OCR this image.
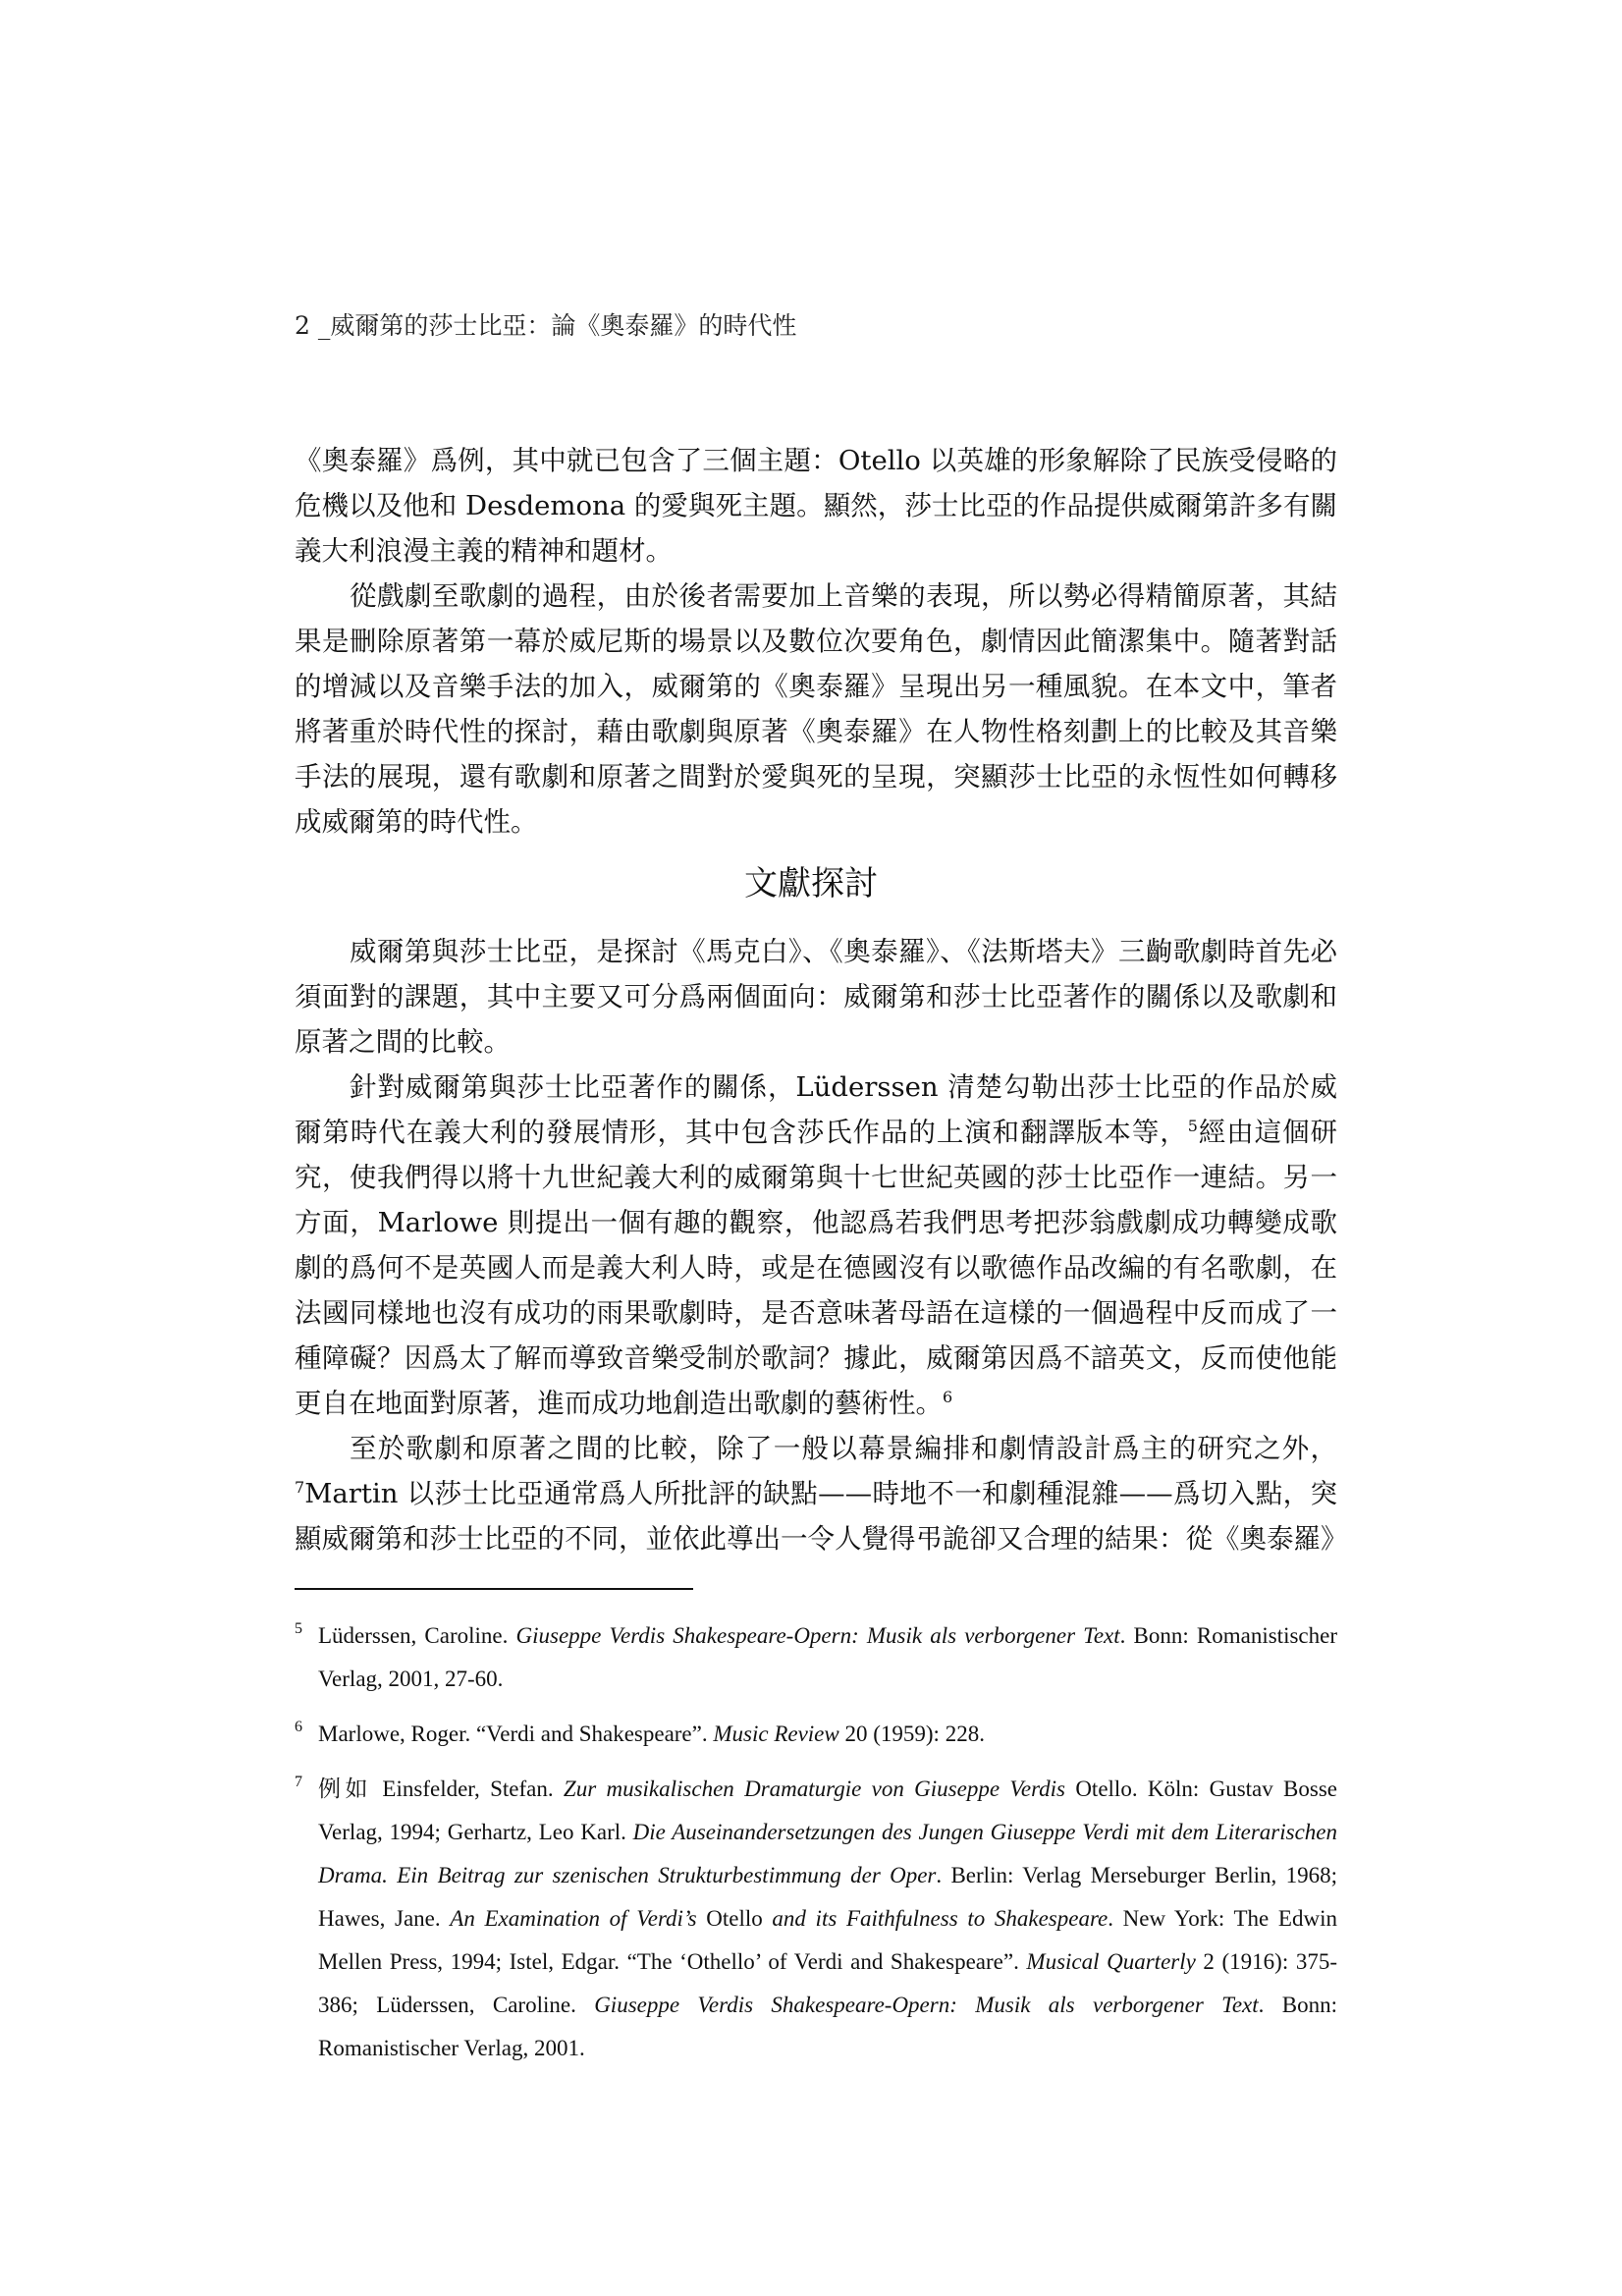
2 _威爾第的莎士比亞：論《奧泰羅》的時代性

《奧泰羅》爲例，其中就已包含了三個主題：Otello 以英雄的形象解除了民族受侵略的危機以及他和 Desdemona 的愛與死主題。顯然，莎士比亞的作品提供威爾第許多有關義大利浪漫主義的精神和題材。

從戲劇至歌劇的過程，由於後者需要加上音樂的表現，所以勢必得精簡原著，其結果是刪除原著第一幕於威尼斯的場景以及數位次要角色，劇情因此簡潔集中。隨著對話的增減以及音樂手法的加入，威爾第的《奧泰羅》呈現出另一種風貌。在本文中，筆者將著重於時代性的探討，藉由歌劇與原著《奧泰羅》在人物性格刻劃上的比較及其音樂手法的展現，還有歌劇和原著之間對於愛與死的呈現，突顯莎士比亞的永恆性如何轉移成威爾第的時代性。

文獻探討

威爾第與莎士比亞，是探討《馬克白》、《奧泰羅》、《法斯塔夫》三齣歌劇時首先必須面對的課題，其中主要又可分爲兩個面向：威爾第和莎士比亞著作的關係以及歌劇和原著之間的比較。

針對威爾第與莎士比亞著作的關係，Lüderssen 清楚勾勒出莎士比亞的作品於威爾第時代在義大利的發展情形，其中包含莎氏作品的上演和翻譯版本等，$^5$經由這個研究，使我們得以將十九世紀義大利的威爾第與十七世紀英國的莎士比亞作一連結。另一方面，Marlowe 則提出一個有趣的觀察，他認爲若我們思考把莎翁戲劇成功轉變成歌劇的爲何不是英國人而是義大利人時，或是在德國沒有以歌德作品改編的有名歌劇，在法國同樣地也沒有成功的雨果歌劇時，是否意味著母語在這樣的一個過程中反而成了一種障礙？因爲太了解而導致音樂受制於歌詞？據此，威爾第因爲不諳英文，反而使他能更自在地面對原著，進而成功地創造出歌劇的藝術性。$^6$

至於歌劇和原著之間的比較，除了一般以幕景編排和劇情設計爲主的研究之外，$^7$Martin 以莎士比亞通常爲人所批評的缺點——時地不一和劇種混雜——爲切入點，突顯威爾第和莎士比亞的不同，並依此導出一令人覺得弔詭卻又合理的結果：從《奧泰羅》

5 Lüderssen, Caroline. Giuseppe Verdis Shakespeare-Opern: Musik als verborgener Text. Bonn: Romanistischer Verlag, 2001, 27-60.
6 Marlowe, Roger. “Verdi and Shakespeare”. Music Review 20 (1959): 228.
7 例如 Einsfelder, Stefan. Zur musikalischen Dramaturgie von Giuseppe Verdis Otello. Köln: Gustav Bosse Verlag, 1994; Gerhartz, Leo Karl. Die Auseinandersetzungen des Jungen Giuseppe Verdi mit dem Literarischen Drama. Ein Beitrag zur szenischen Strukturbestimmung der Oper. Berlin: Verlag Merseburger Berlin, 1968; Hawes, Jane. An Examination of Verdi’s Otello and its Faithfulness to Shakespeare. New York: The Edwin Mellen Press, 1994; Istel, Edgar. “The ‘Othello’ of Verdi and Shakespeare”. Musical Quarterly 2 (1916): 375-386; Lüderssen, Caroline. Giuseppe Verdis Shakespeare-Opern: Musik als verborgener Text. Bonn: Romanistischer Verlag, 2001.
